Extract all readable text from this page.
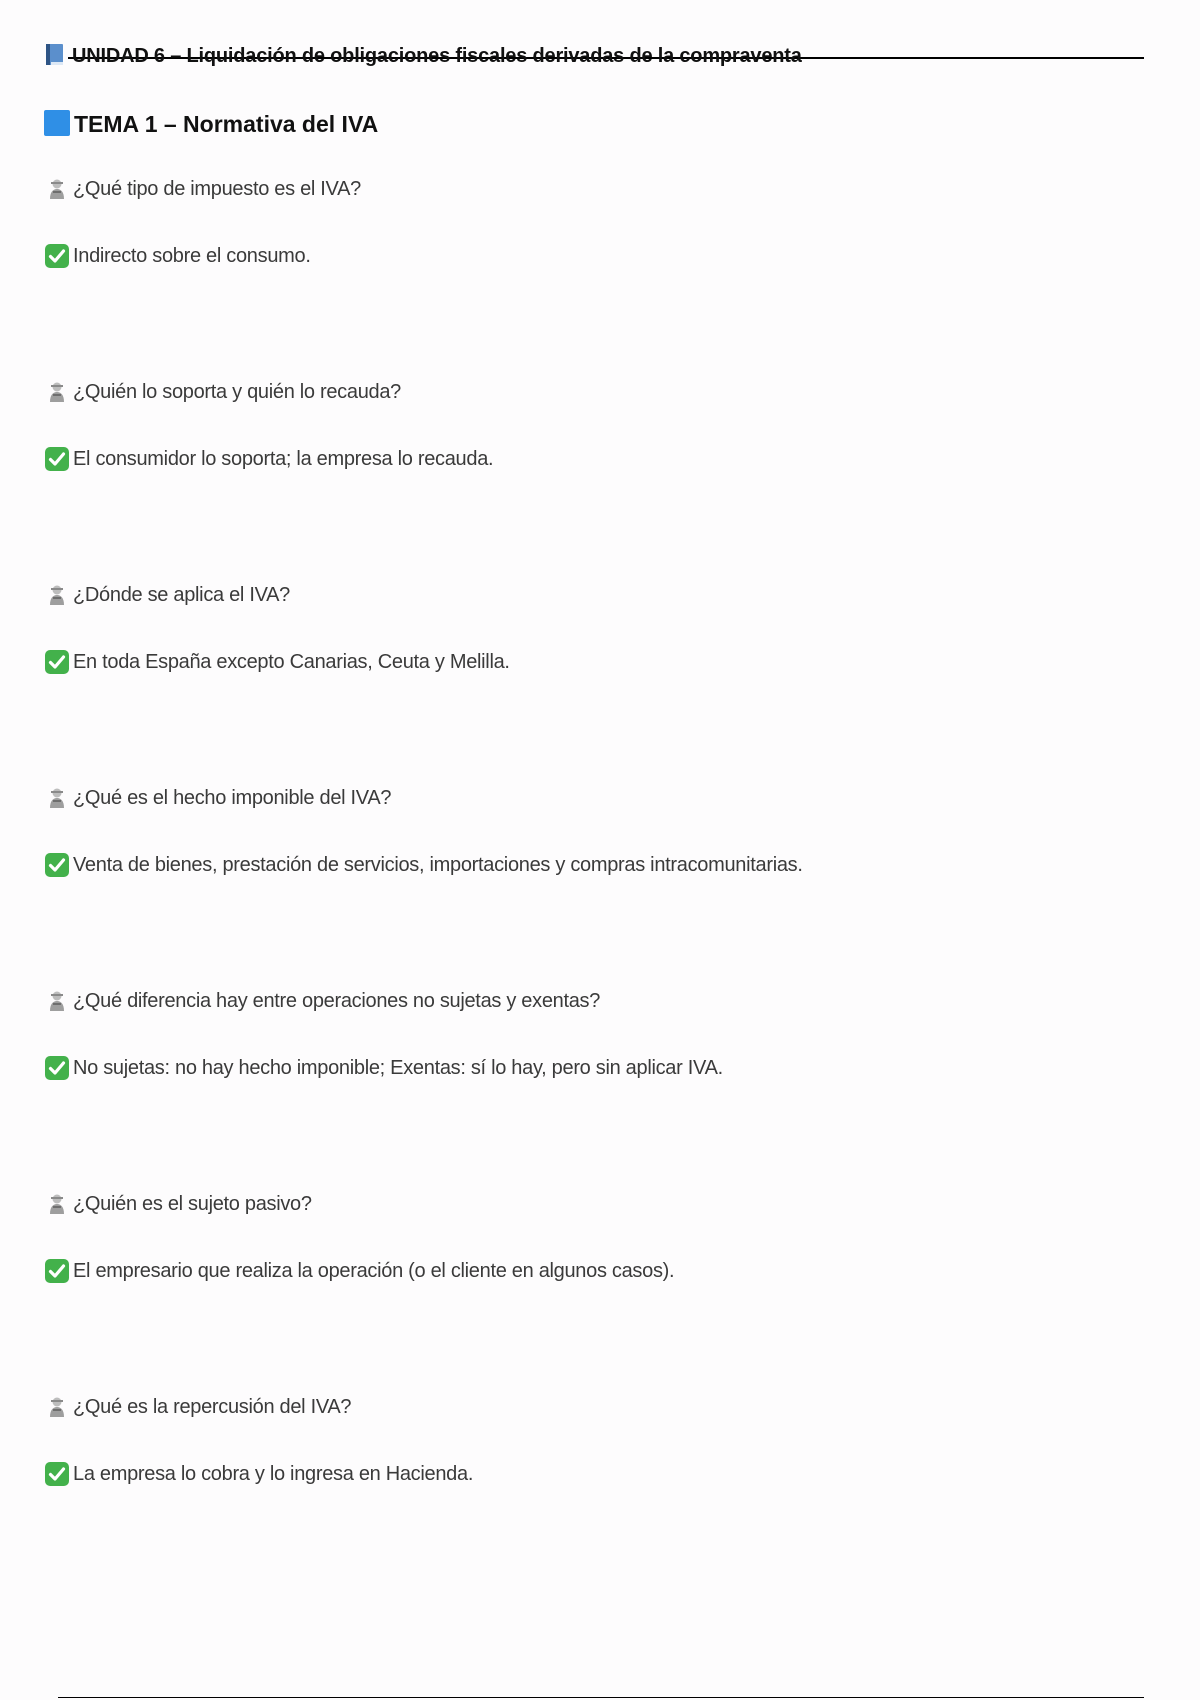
UNIDAD 6 – Liquidación de obligaciones fiscales derivadas de la compraventa
TEMA 1 – Normativa del IVA
¿Qué tipo de impuesto es el IVA?
Indirecto sobre el consumo.
¿Quién lo soporta y quién lo recauda?
El consumidor lo soporta; la empresa lo recauda.
¿Dónde se aplica el IVA?
En toda España excepto Canarias, Ceuta y Melilla.
¿Qué es el hecho imponible del IVA?
Venta de bienes, prestación de servicios, importaciones y compras intracomunitarias.
¿Qué diferencia hay entre operaciones no sujetas y exentas?
No sujetas: no hay hecho imponible; Exentas: sí lo hay, pero sin aplicar IVA.
¿Quién es el sujeto pasivo?
El empresario que realiza la operación (o el cliente en algunos casos).
¿Qué es la repercusión del IVA?
La empresa lo cobra y lo ingresa en Hacienda.
